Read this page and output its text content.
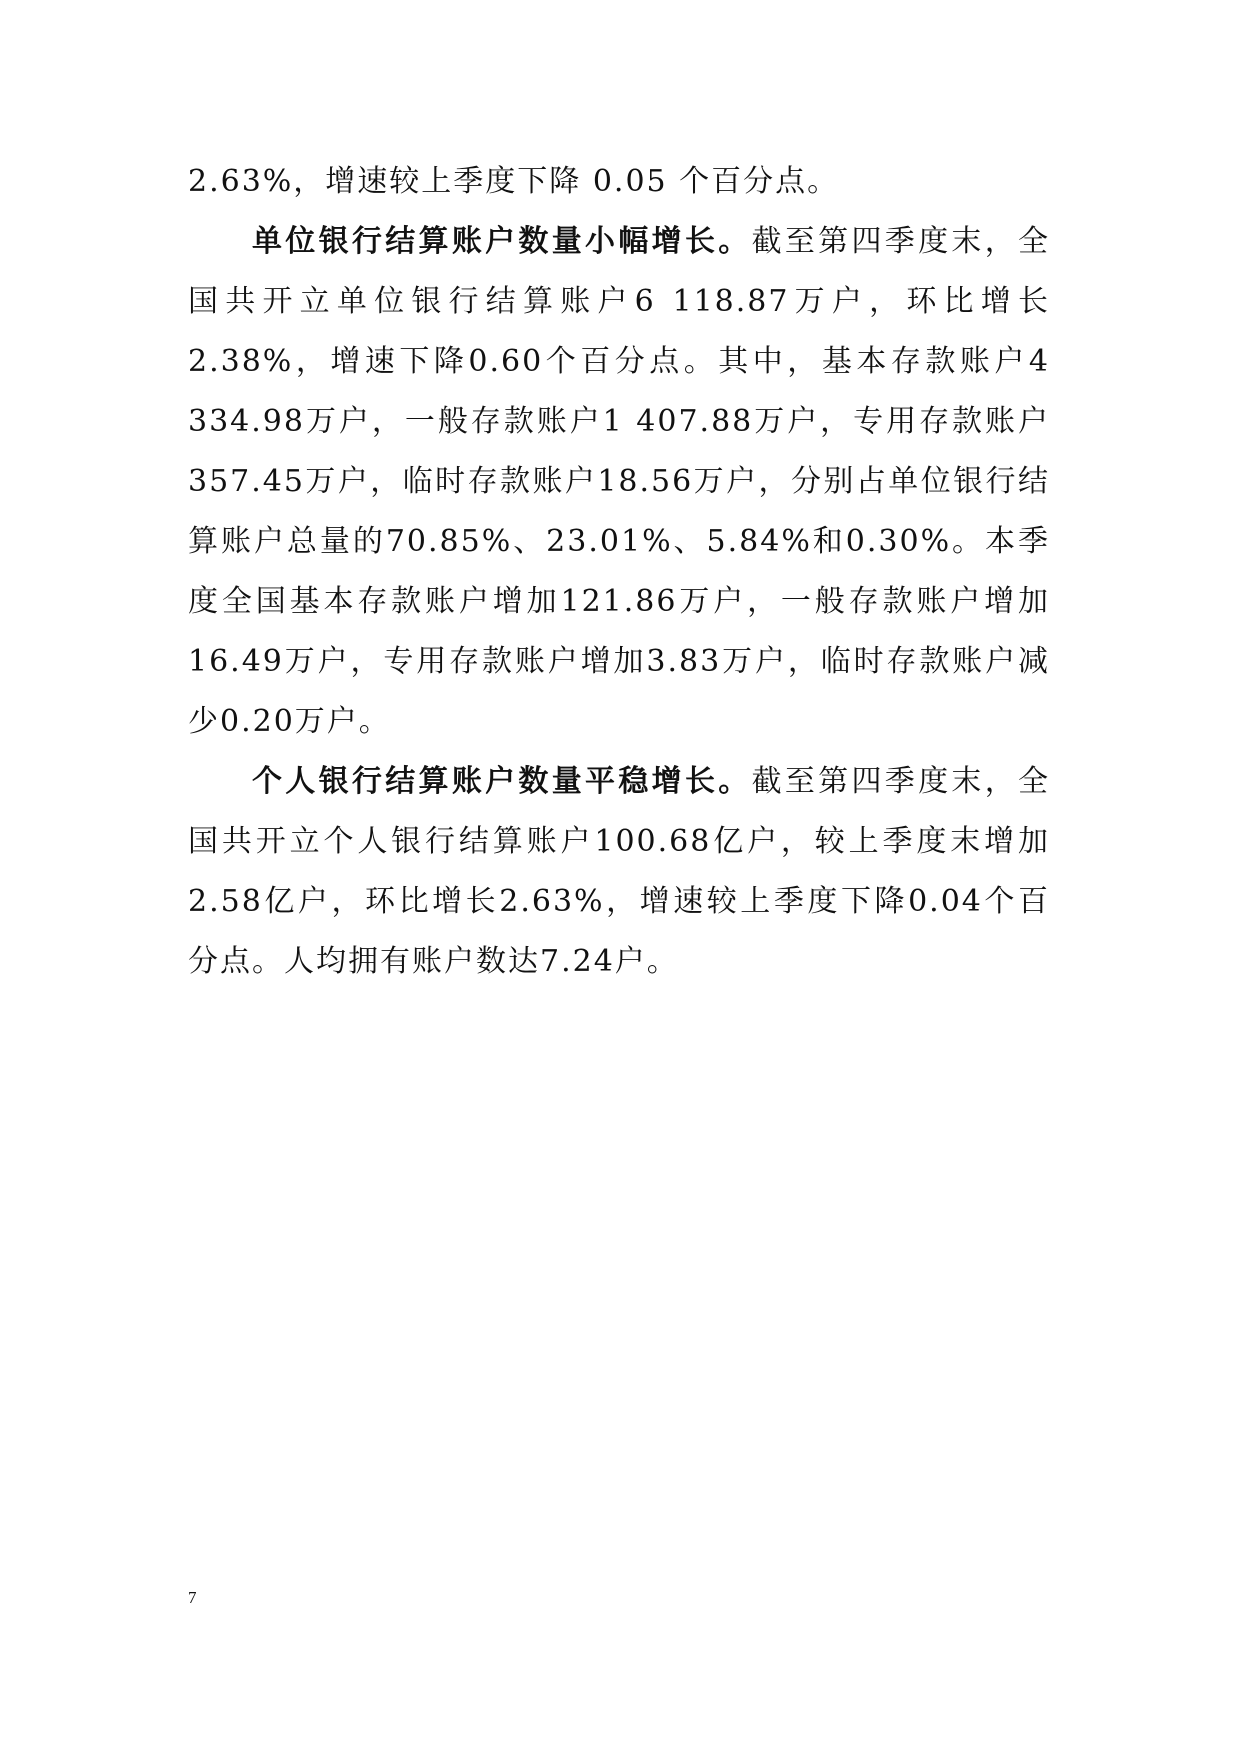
2.63%，增速较上季度下降 0.05 个百分点。

单位银行结算账户数量小幅增长。截至第四季度末，全国共开立单位银行结算账户6 118.87万户，环比增长2.38%，增速下降0.60个百分点。其中，基本存款账户4 334.98万户，一般存款账户1 407.88万户，专用存款账户357.45万户，临时存款账户18.56万户，分别占单位银行结算账户总量的70.85%、23.01%、5.84%和0.30%。本季度全国基本存款账户增加121.86万户，一般存款账户增加16.49万户，专用存款账户增加3.83万户，临时存款账户减少0.20万户。

个人银行结算账户数量平稳增长。截至第四季度末，全国共开立个人银行结算账户100.68亿户，较上季度末增加2.58亿户，环比增长2.63%，增速较上季度下降0.04个百分点。人均拥有账户数达7.24户。

7
